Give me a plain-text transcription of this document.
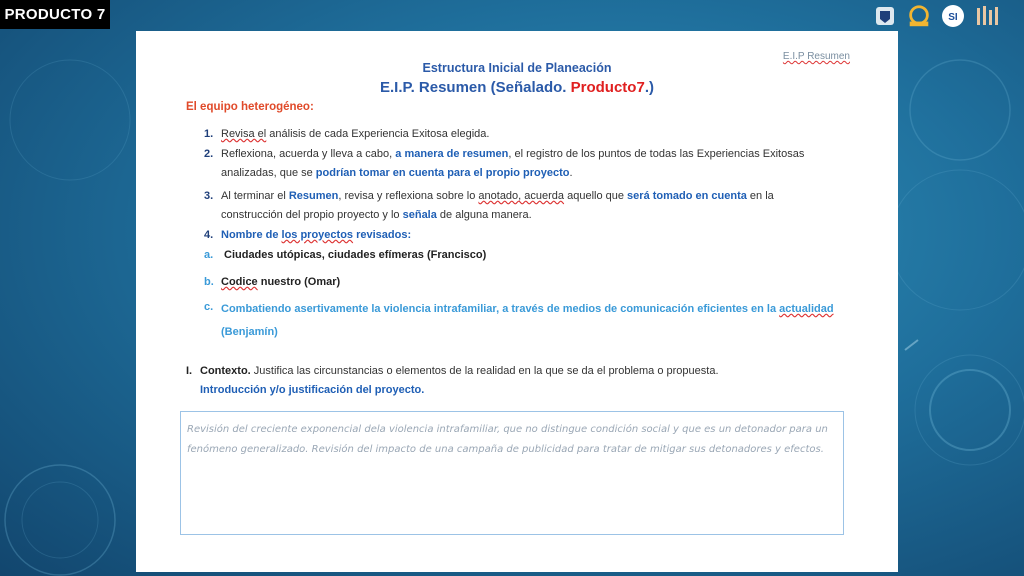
PRODUCTO 7	SI
E.I.P Resumen
Estructura Inicial de Planeación
E.I.P. Resumen (Señalado. Producto7.)
El equipo heterogéneo:
1. Revisa el análisis de cada Experiencia Exitosa elegida.
2. Reflexiona, acuerda y lleva a cabo, a manera de resumen, el registro de los puntos de todas las Experiencias Exitosas
analizadas, que se podrían tomar en cuenta para el propio proyecto.
3. Al terminar el Resumen, revisa y reflexiona sobre lo anotado, acuerda aquello que será tomado en cuenta en la
construcción del propio proyecto y lo señala de alguna manera.
4. Nombre de los proyectos revisados:
a. Ciudades utópicas, ciudades efímeras (Francisco)
b. Codice nuestro (Omar)
c. Combatiendo asertivamente la violencia intrafamiliar, a través de medios de comunicación eficientes en la actualidad
(Benjamín)
I. Contexto. Justifica las circunstancias o elementos de la realidad en la que se da el problema o propuesta.
Introducción y/o justificación del proyecto.
Revisión del creciente exponencial dela violencia intrafamiliar, que no distingue condición social y que es un detonador para un fenómeno generalizado. Revisión del impacto de una campaña de publicidad para tratar de mitigar sus detonadores y efectos.
